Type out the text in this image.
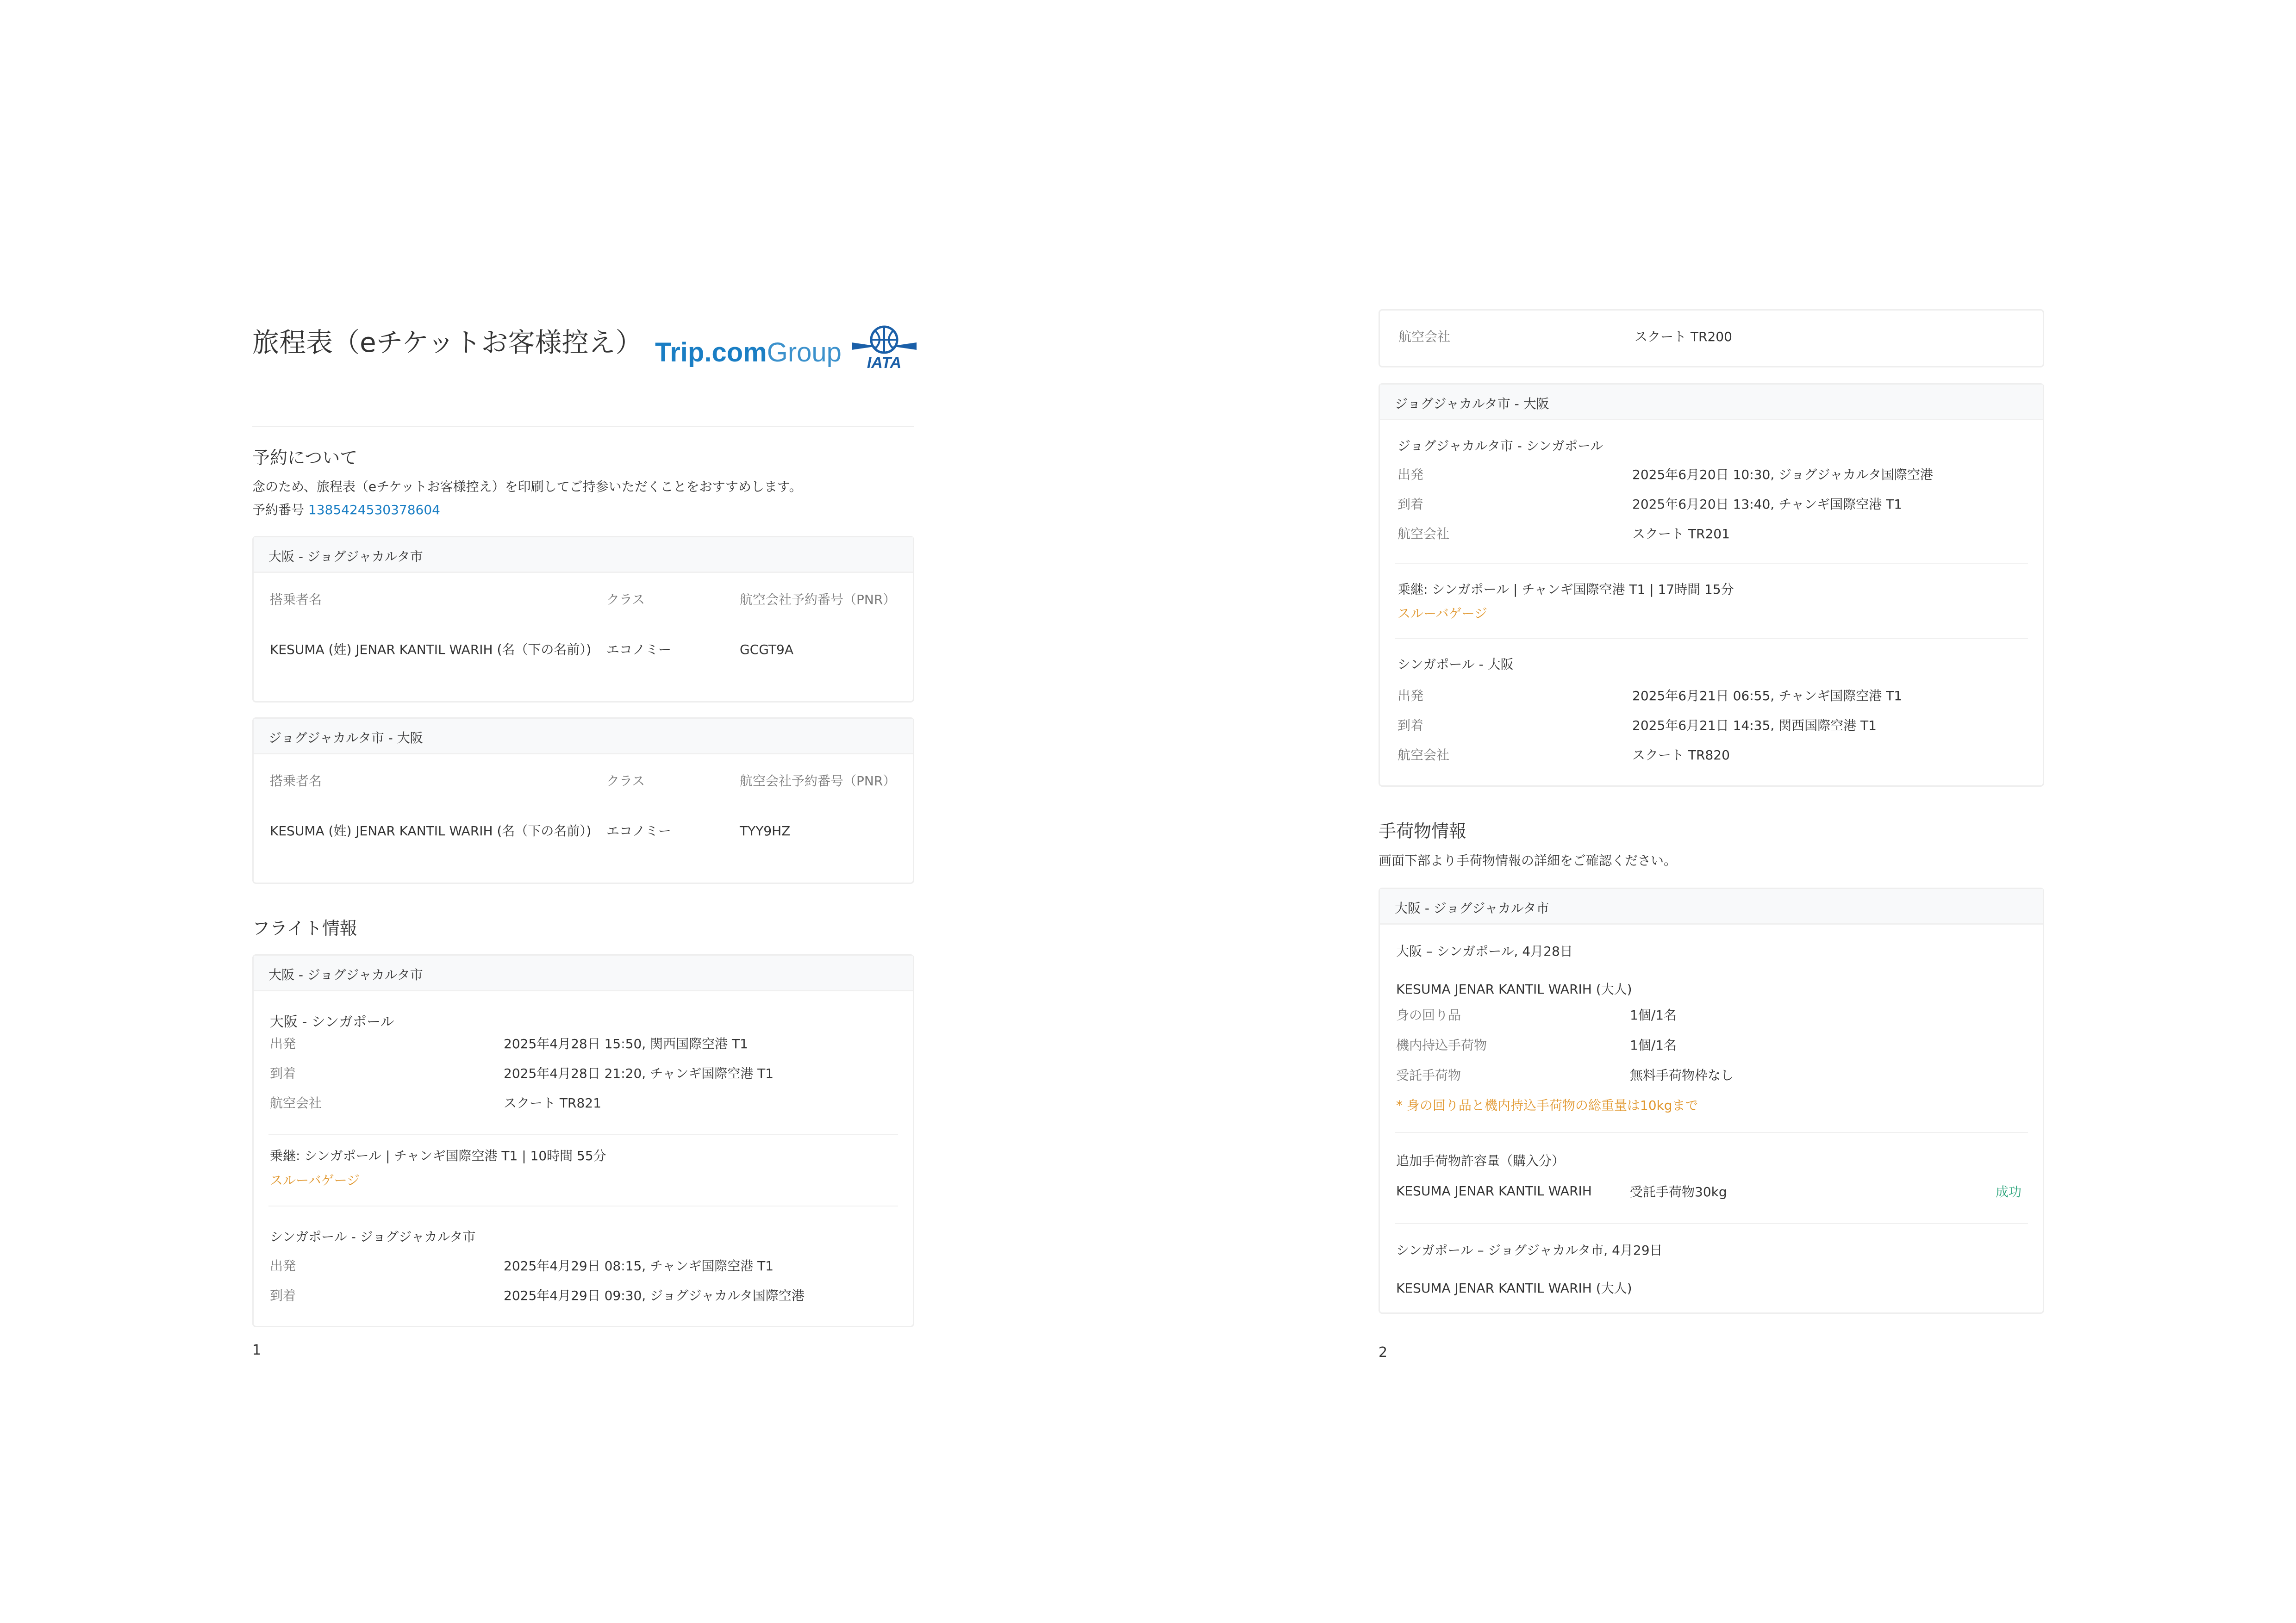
旅程表（eチケットお客様控え） Trip.comGroup IATA
予約について
念のため、旅程表（eチケットお客様控え）を印刷してご持参いただくことをおすすめします。
予約番号 1385424530378604
大阪 - ジョグジャカルタ市
搭乗者名	クラス	航空会社予約番号（PNR）
KESUMA (姓) JENAR KANTIL WARIH (名（下の名前）) エコノミー	GCGT9A
ジョグジャカルタ市 - 大阪
搭乗者名	クラス	航空会社予約番号（PNR）
KESUMA (姓) JENAR KANTIL WARIH (名（下の名前）) エコノミー	TYY9HZ
フライト情報
大阪 - ジョグジャカルタ市
大阪 - シンガポール
出発	2025年4月28日 15:50, 関西国際空港 T1
到着	2025年4月28日 21:20, チャンギ国際空港 T1
航空会社	スクート TR821
乗継: シンガポール | チャンギ国際空港 T1 | 10時間 55分
スルーバゲージ
シンガポール - ジョグジャカルタ市
出発	2025年4月29日 08:15, チャンギ国際空港 T1
到着	2025年4月29日 09:30, ジョグジャカルタ国際空港
1
航空会社	スクート TR200
ジョグジャカルタ市 - 大阪
ジョグジャカルタ市 - シンガポール
出発	2025年6月20日 10:30, ジョグジャカルタ国際空港
到着	2025年6月20日 13:40, チャンギ国際空港 T1
航空会社	スクート TR201
乗継: シンガポール | チャンギ国際空港 T1 | 17時間 15分
スルーバゲージ
シンガポール - 大阪
出発	2025年6月21日 06:55, チャンギ国際空港 T1
到着	2025年6月21日 14:35, 関西国際空港 T1
航空会社	スクート TR820
手荷物情報
画面下部より手荷物情報の詳細をご確認ください。
大阪 - ジョグジャカルタ市
大阪 – シンガポール, 4月28日
KESUMA JENAR KANTIL WARIH (大人)
身の回り品	1個/1名
機内持込手荷物	1個/1名
受託手荷物	無料手荷物枠なし
* 身の回り品と機内持込手荷物の総重量は10kgまで
追加手荷物許容量（購入分）
KESUMA JENAR KANTIL WARIH	受託手荷物30kg	成功
シンガポール – ジョグジャカルタ市, 4月29日
KESUMA JENAR KANTIL WARIH (大人)
2
